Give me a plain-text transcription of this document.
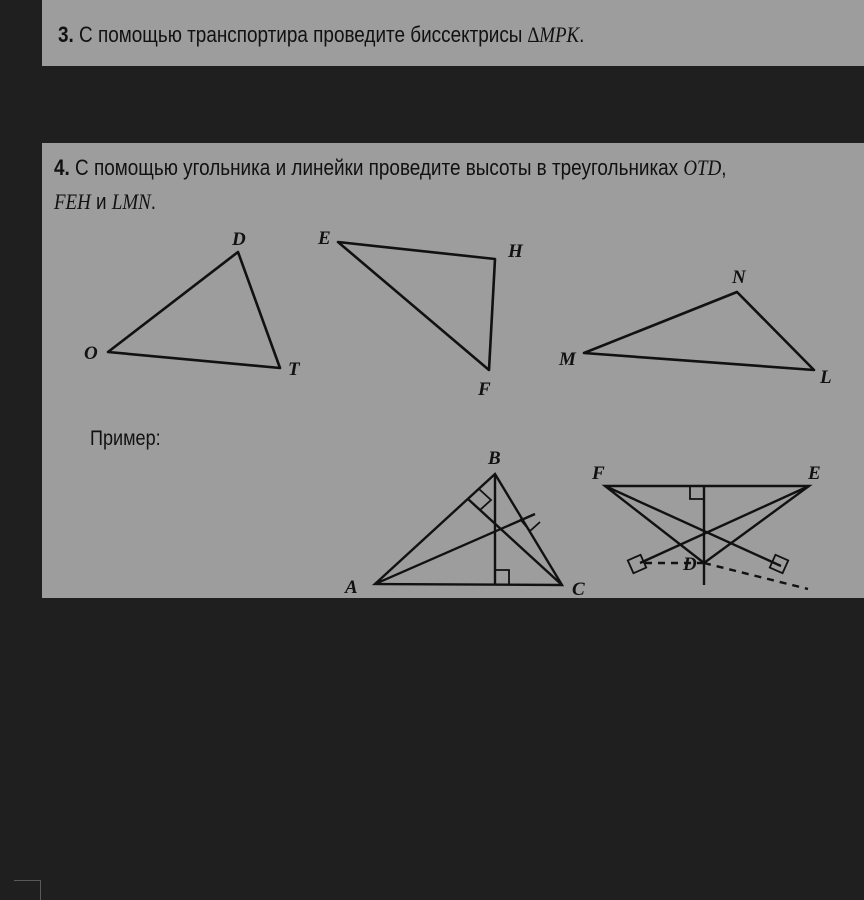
3. С помощью транспортира проведите биссектрисы ∆MPK.
4. С помощью угольника и линейки проведите высоты в треугольниках OTD,
FEH и LMN.
Пример:
O
D
T
E
H
F
M
N
L
A
B
C
F	E
D
